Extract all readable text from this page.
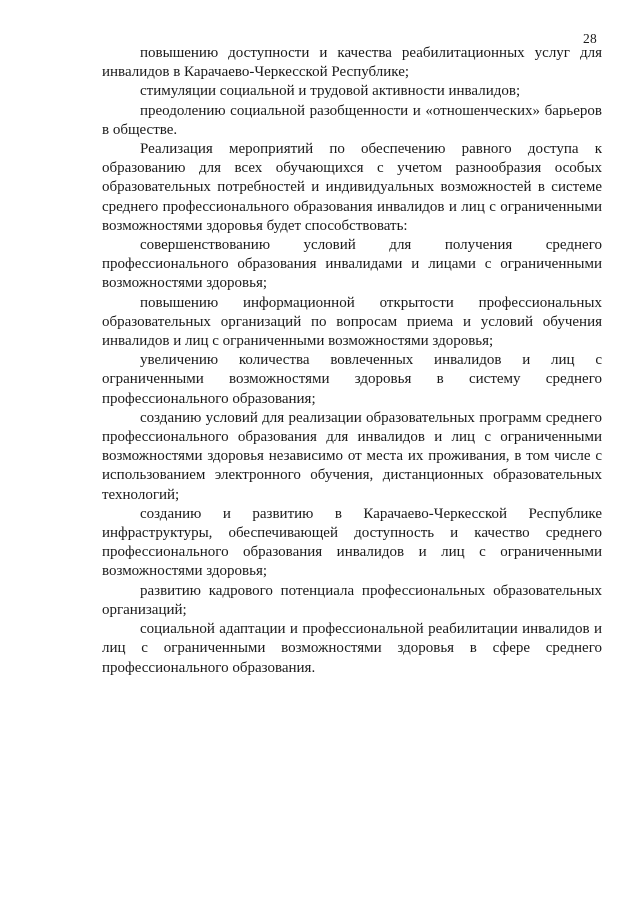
28

повышению доступности и качества реабилитационных услуг для инвалидов в Карачаево-Черкесской Республике;

стимуляции социальной и трудовой активности инвалидов;

преодолению социальной разобщенности и «отношенческих» барьеров в обществе.

Реализация мероприятий по обеспечению равного доступа к образованию для всех обучающихся с учетом разнообразия особых образовательных потребностей и индивидуальных возможностей в системе среднего профессионального образования инвалидов и лиц с ограниченными возможностями здоровья будет способствовать:

совершенствованию условий для получения среднего профессионального образования инвалидами и лицами с ограниченными возможностями здоровья;

повышению информационной открытости профессиональных образовательных организаций по вопросам приема и условий обучения инвалидов и лиц с ограниченными возможностями здоровья;

увеличению количества вовлеченных инвалидов и лиц с ограниченными возможностями здоровья в систему среднего профессионального образования;

созданию условий для реализации образовательных программ среднего профессионального образования для инвалидов и лиц с ограниченными возможностями здоровья независимо от места их проживания, в том числе с использованием электронного обучения, дистанционных образовательных технологий;

созданию и развитию в Карачаево-Черкесской Республике инфраструктуры, обеспечивающей доступность и качество среднего профессионального образования инвалидов и лиц с ограниченными возможностями здоровья;

развитию кадрового потенциала профессиональных образовательных организаций;

социальной адаптации и профессиональной реабилитации инвалидов и лиц с ограниченными возможностями здоровья в сфере среднего профессионального образования.
